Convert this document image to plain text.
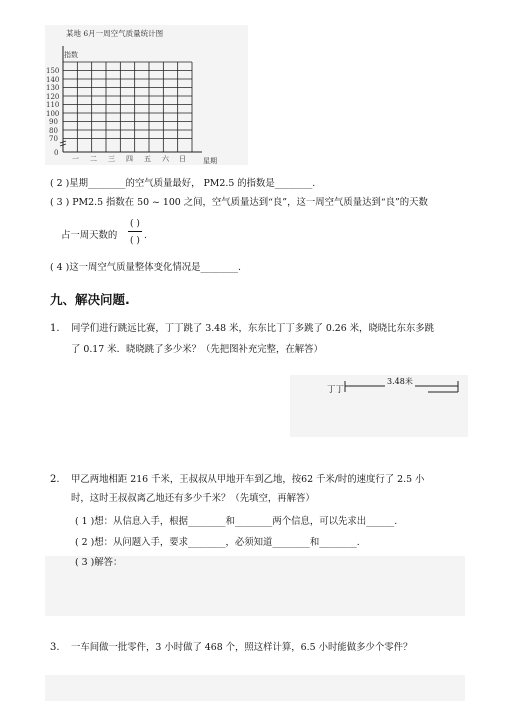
某地 6月一周空气质量统计图
指数
150
140
130
120
110
100
90
80
70
0
一 二 三 四 五 六 日 星期
( 2 )星期________的空气质量最好， PM2.5 的指数是________.
( 3 ) PM2.5 指数在 50 ~ 100 之间，空气质量达到“良”，这一周空气质量达到“良”的天数
占一周天数的
( )
( ) .
( 4 )这一周空气质量整体变化情况是________.
九、解决问题.
1. 同学们进行跳远比赛，丁丁跳了 3.48 米，东东比丁丁多跳了 0.26 米，晓晓比东东多跳
了 0.17 米．晓晓跳了多少米？（先把图补充完整，在解答）
丁丁
3.48米
2. 甲乙两地相距 216 千米，王叔叔从甲地开车到乙地，按62 千米/时的速度行了 2.5 小
时，这时王叔叔离乙地还有多少千米？（先填空，再解答）
( 1 )想：从信息入手，根据________和________两个信息，可以先求出______.
( 2 )想：从问题入手，要求________，必须知道________和________.
( 3 )解答：
3. 一车间做一批零件，3 小时做了 468 个，照这样计算，6.5 小时能做多少个零件？
